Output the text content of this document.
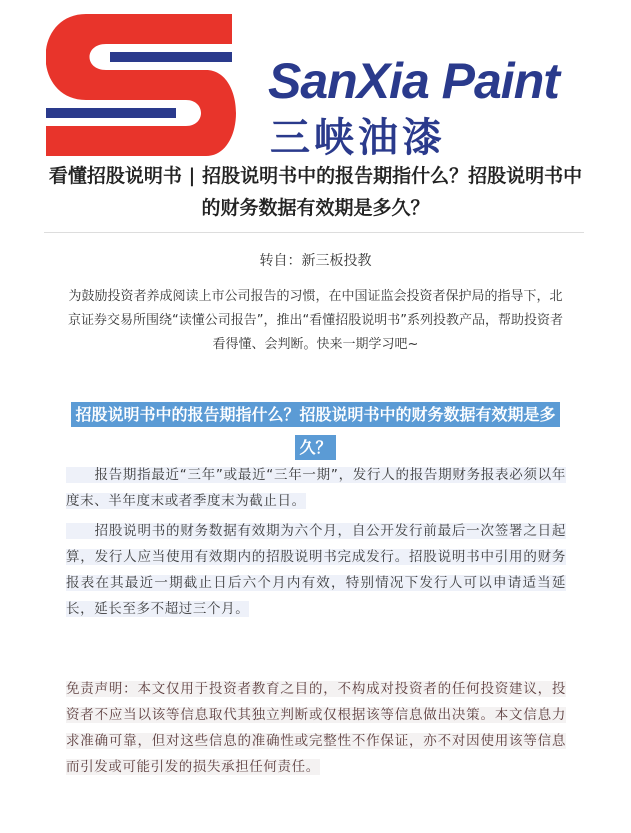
SanXia Paint
三峡油漆
看懂招股说明书 | 招股说明书中的报告期指什么？招股说明书中的财务数据有效期是多久？
转自：新三板投教

为鼓励投资者养成阅读上市公司报告的习惯，在中国证监会投资者保护局的指导下，北京证券交易所围绕“读懂公司报告”，推出“看懂招股说明书”系列投教产品，帮助投资者看得懂、会判断。快来一期学习吧~

招股说明书中的报告期指什么？招股说明书中的财务数据有效期是多久？

　　报告期指最近“三年”或最近“三年一期”，发行人的报告期财务报表必须以年度末、半年度末或者季度末为截止日。

　　招股说明书的财务数据有效期为六个月，自公开发行前最后一次签署之日起算，发行人应当使用有效期内的招股说明书完成发行。招股说明书中引用的财务报表在其最近一期截止日后六个月内有效，特别情况下发行人可以申请适当延长，延长至多不超过三个月。

免责声明：本文仅用于投资者教育之目的，不构成对投资者的任何投资建议，投资者不应当以该等信息取代其独立判断或仅根据该等信息做出决策。本文信息力求准确可靠，但对这些信息的准确性或完整性不作保证，亦不对因使用该等信息而引发或可能引发的损失承担任何责任。
